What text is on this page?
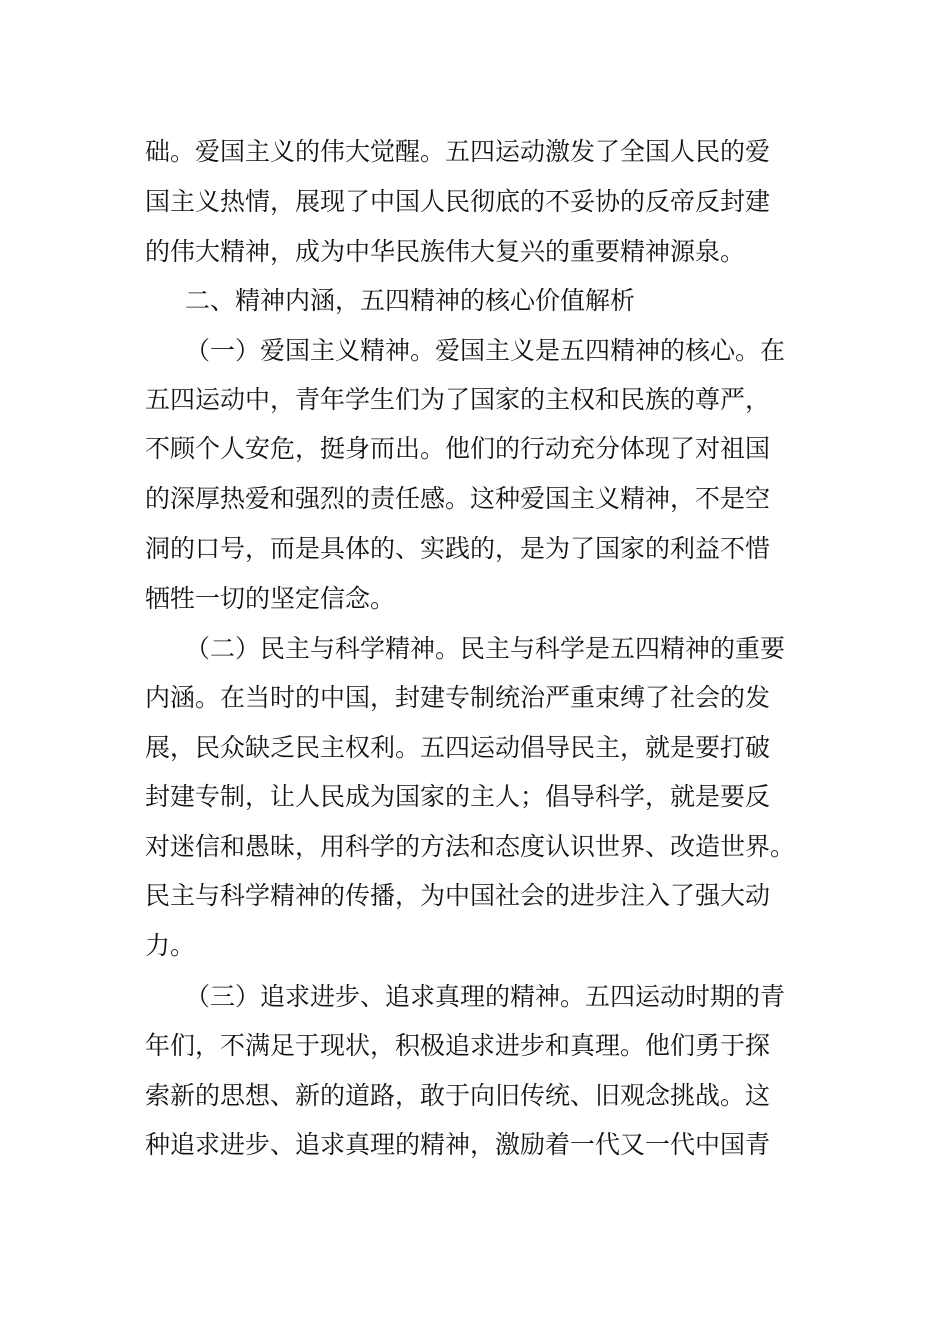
础。爱国主义的伟大觉醒。五四运动激发了全国人民的爱
国主义热情，展现了中国人民彻底的不妥协的反帝反封建
的伟大精神，成为中华民族伟大复兴的重要精神源泉。
二、精神内涵，五四精神的核心价值解析
（一）爱国主义精神。爱国主义是五四精神的核心。在
五四运动中，青年学生们为了国家的主权和民族的尊严，
不顾个人安危，挺身而出。他们的行动充分体现了对祖国
的深厚热爱和强烈的责任感。这种爱国主义精神，不是空
洞的口号，而是具体的、实践的，是为了国家的利益不惜
牺牲一切的坚定信念。
（二）民主与科学精神。民主与科学是五四精神的重要
内涵。在当时的中国，封建专制统治严重束缚了社会的发
展，民众缺乏民主权利。五四运动倡导民主，就是要打破
封建专制，让人民成为国家的主人；倡导科学，就是要反
对迷信和愚昧，用科学的方法和态度认识世界、改造世界。
民主与科学精神的传播，为中国社会的进步注入了强大动
力。
（三）追求进步、追求真理的精神。五四运动时期的青
年们，不满足于现状，积极追求进步和真理。他们勇于探
索新的思想、新的道路，敢于向旧传统、旧观念挑战。这
种追求进步、追求真理的精神，激励着一代又一代中国青
